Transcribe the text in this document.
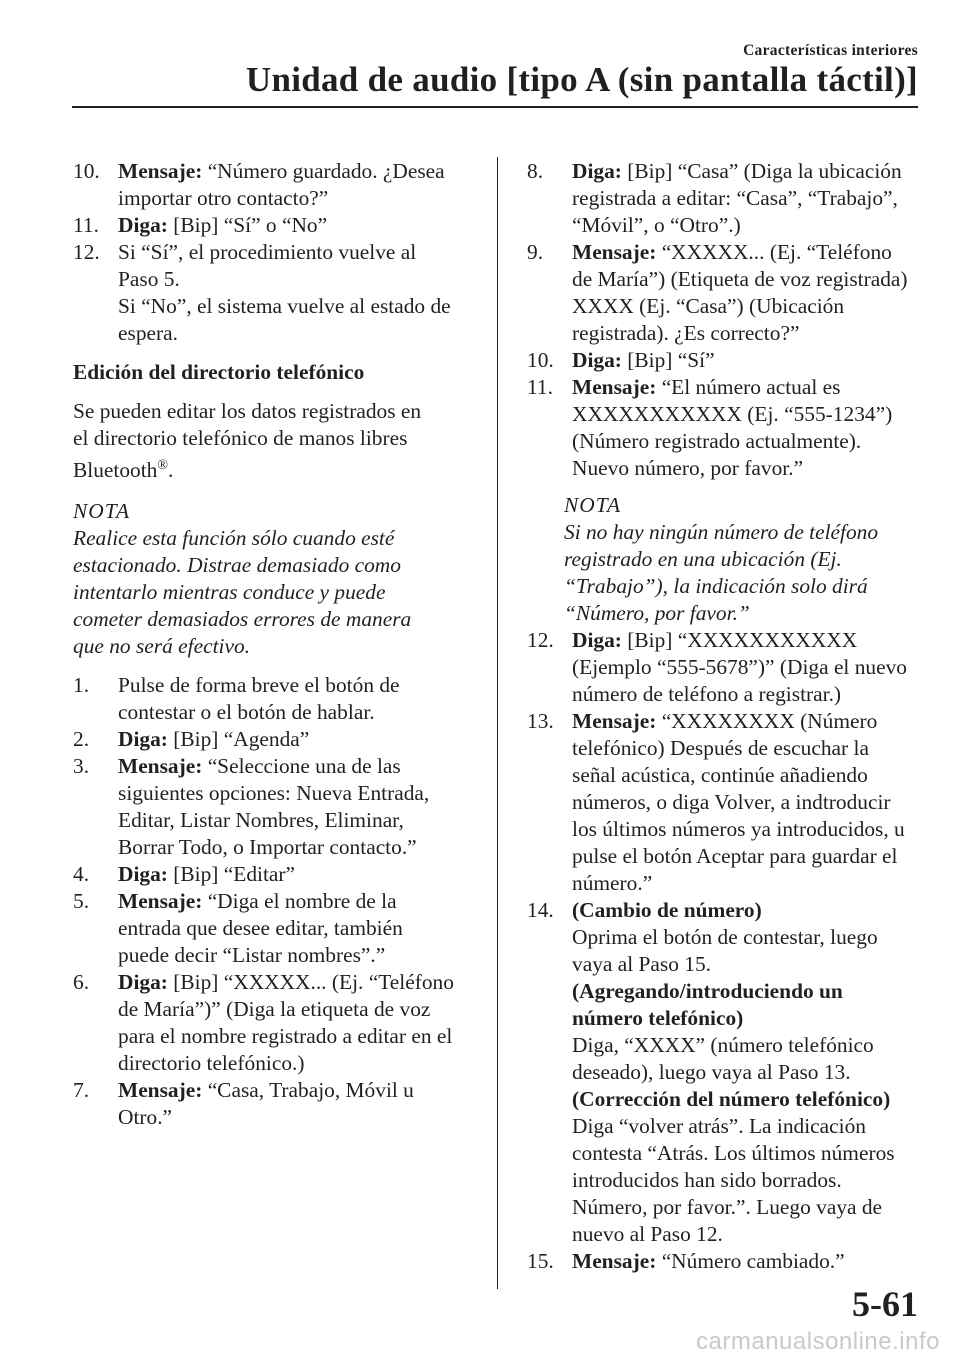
Características interiores
Unidad de audio [tipo A (sin pantalla táctil)]
10. Mensaje: “Número guardado. ¿Desea
importar otro contacto?”

11. Diga: [Bip] “Sí” o “No”

12. Si “Sí”, el procedimiento vuelve al
Paso 5.
Si “No”, el sistema vuelve al estado de
espera.

Edición del directorio telefónico
Se pueden editar los datos registrados en
el directorio telefónico de manos libres
Bluetooth®.
NOTA
Realice esta función sólo cuando esté
estacionado. Distrae demasiado como
intentarlo mientras conduce y puede
cometer demasiados errores de manera
que no será efectivo.
1. Pulse de forma breve el botón de
contestar o el botón de hablar.

2. Diga: [Bip] “Agenda”

3. Mensaje: “Seleccione una de las
siguientes opciones: Nueva Entrada,
Editar, Listar Nombres, Eliminar,
Borrar Todo, o Importar contacto.”

4. Diga: [Bip] “Editar”

5. Mensaje: “Diga el nombre de la
entrada que desee editar, también
puede decir “Listar nombres”.”

6. Diga: [Bip] “XXXXX... (Ej. “Teléfono
de María”)” (Diga la etiqueta de voz
para el nombre registrado a editar en el
directorio telefónico.)

7. Mensaje: “Casa, Trabajo, Móvil u
Otro.”

8. Diga: [Bip] “Casa” (Diga la ubicación
registrada a editar: “Casa”, “Trabajo”,
“Móvil”, o “Otro”.)

9. Mensaje: “XXXXX... (Ej. “Teléfono
de María”) (Etiqueta de voz registrada)
XXXX (Ej. “Casa”) (Ubicación
registrada). ¿Es correcto?”

10. Diga: [Bip] “Sí”

11. Mensaje: “El número actual es
XXXXXXXXXXX (Ej. “555-1234”)
(Número registrado actualmente).
Nuevo número, por favor.”

NOTA
Si no hay ningún número de teléfono
registrado en una ubicación (Ej.
“Trabajo”), la indicación solo dirá
“Número, por favor.”
12. Diga: [Bip] “XXXXXXXXXXX
(Ejemplo “555-5678”)” (Diga el nuevo
número de teléfono a registrar.)

13. Mensaje: “XXXXXXXX (Número
telefónico) Después de escuchar la
señal acústica, continúe añadiendo
números, o diga Volver, a indtroducir
los últimos números ya introducidos, u
pulse el botón Aceptar para guardar el
número.”

14. (Cambio de número)
Oprima el botón de contestar, luego
vaya al Paso 15.
(Agregando/introduciendo un
número telefónico)
Diga, “XXXX” (número telefónico
deseado), luego vaya al Paso 13.
(Corrección del número telefónico)
Diga “volver atrás”. La indicación
contesta “Atrás. Los últimos números
introducidos han sido borrados.
Número, por favor.”. Luego vaya de
nuevo al Paso 12.
15. Mensaje: “Número cambiado.”

5-61
carmanualsonline.info
